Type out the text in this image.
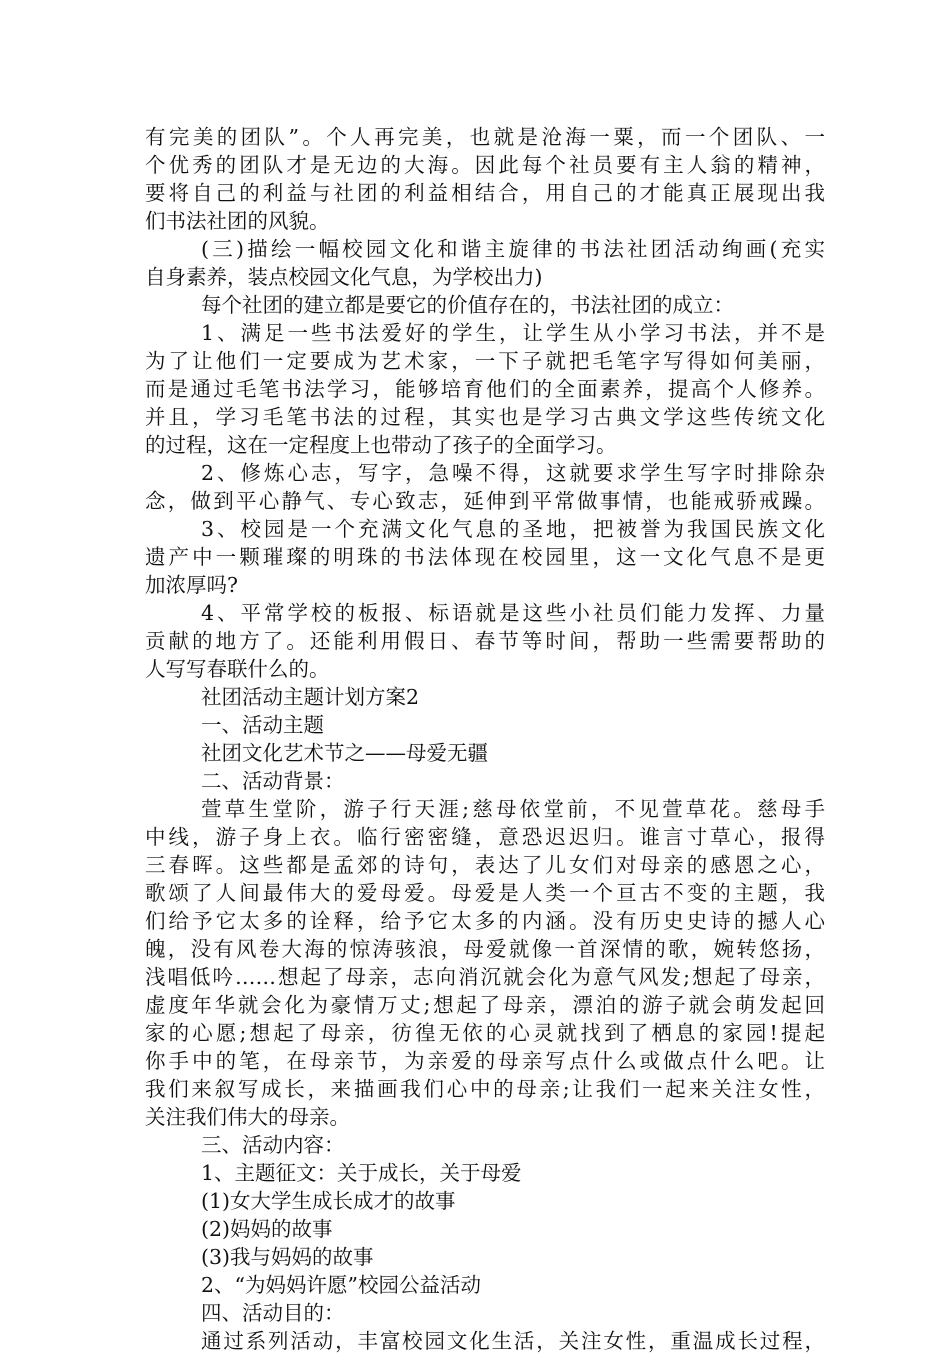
有完美的团队”。个人再完美，也就是沧海一粟，而一个团队、一
个优秀的团队才是无边的大海。因此每个社员要有主人翁的精神，
要将自己的利益与社团的利益相结合，用自己的才能真正展现出我
们书法社团的风貌。
(三)描绘一幅校园文化和谐主旋律的书法社团活动绚画(充实
自身素养，装点校园文化气息，为学校出力)
每个社团的建立都是要它的价值存在的，书法社团的成立：
1、满足一些书法爱好的学生，让学生从小学习书法，并不是
为了让他们一定要成为艺术家，一下子就把毛笔字写得如何美丽，
而是通过毛笔书法学习，能够培育他们的全面素养，提高个人修养。
并且，学习毛笔书法的过程，其实也是学习古典文学这些传统文化
的过程，这在一定程度上也带动了孩子的全面学习。
2、修炼心志，写字，急噪不得，这就要求学生写字时排除杂
念，做到平心静气、专心致志，延伸到平常做事情，也能戒骄戒躁。
3、校园是一个充满文化气息的圣地，把被誉为我国民族文化
遗产中一颗璀璨的明珠的书法体现在校园里，这一文化气息不是更
加浓厚吗?
4、平常学校的板报、标语就是这些小社员们能力发挥、力量
贡献的地方了。还能利用假日、春节等时间，帮助一些需要帮助的
人写写春联什么的。
社团活动主题计划方案2
一、活动主题
社团文化艺术节之——母爱无疆
二、活动背景：
萱草生堂阶，游子行天涯;慈母依堂前，不见萱草花。慈母手
中线，游子身上衣。临行密密缝，意恐迟迟归。谁言寸草心，报得
三春晖。这些都是孟郊的诗句，表达了儿女们对母亲的感恩之心，
歌颂了人间最伟大的爱母爱。母爱是人类一个亘古不变的主题，我
们给予它太多的诠释，给予它太多的内涵。没有历史史诗的撼人心
魄，没有风卷大海的惊涛骇浪，母爱就像一首深情的歌，婉转悠扬，
浅唱低吟……想起了母亲，志向消沉就会化为意气风发;想起了母亲，
虚度年华就会化为豪情万丈;想起了母亲，漂泊的游子就会萌发起回
家的心愿;想起了母亲，彷徨无依的心灵就找到了栖息的家园!提起
你手中的笔，在母亲节，为亲爱的母亲写点什么或做点什么吧。让
我们来叙写成长，来描画我们心中的母亲;让我们一起来关注女性，
关注我们伟大的母亲。
三、活动内容：
1、主题征文：关于成长，关于母爱
(1)女大学生成长成才的故事
(2)妈妈的故事
(3)我与妈妈的故事
2、“为妈妈许愿”校园公益活动
四、活动目的：
通过系列活动，丰富校园文化生活，关注女性，重温成长过程，
